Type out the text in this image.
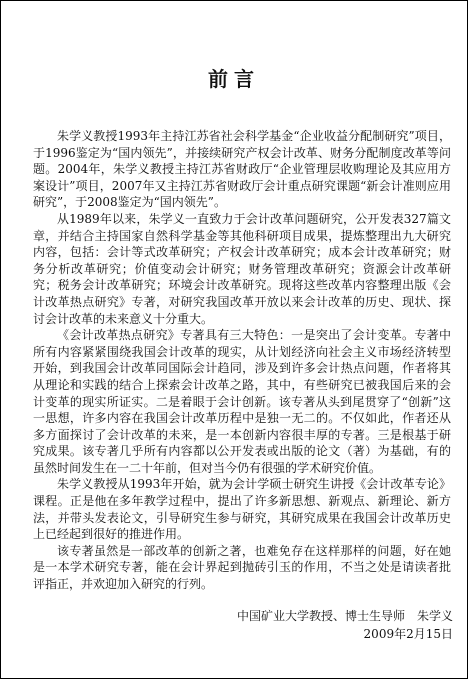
前言

朱学义教授1993年主持江苏省社会科学基金“企业收益分配制研究”项目，于1996鉴定为“国内领先”，并接续研究产权会计改革、财务分配制度改革等问题。2004年，朱学义教授主持江苏省财政厅“企业管理层收购理论及其应用方案设计”项目，2007年又主持江苏省财政厅会计重点研究课题“新会计准则应用研究”，于2008鉴定为“国内领先”。

从1989年以来，朱学义一直致力于会计改革问题研究，公开发表327篇文章，并结合主持国家自然科学基金等其他科研项目成果，提炼整理出九大研究内容，包括：会计等式改革研究；产权会计改革研究；成本会计改革研究；财务分析改革研究；价值变动会计研究；财务管理改革研究；资源会计改革研究；税务会计改革研究；环境会计改革研究。现将这些改革内容整理出版《会计改革热点研究》专著，对研究我国改革开放以来会计改革的历史、现状、探讨会计改革的未来意义十分重大。

《会计改革热点研究》专著具有三大特色：一是突出了会计变革。专著中所有内容紧紧围绕我国会计改革的现实，从计划经济向社会主义市场经济转型开始，到我国会计改革同国际会计趋同，涉及到许多会计热点问题，作者将其从理论和实践的结合上探索会计改革之路，其中，有些研究已被我国后来的会计变革的现实所证实。二是着眼于会计创新。该专著从头到尾贯穿了“创新”这一思想，许多内容在我国会计改革历程中是独一无二的。不仅如此，作者还从多方面探讨了会计改革的未来，是一本创新内容很丰厚的专著。三是根基于研究成果。该专著几乎所有内容都以公开发表或出版的论文（著）为基础，有的虽然时间发生在一二十年前，但对当今仍有很强的学术研究价值。

朱学义教授从1993年开始，就为会计学硕士研究生讲授《会计改革专论》课程。正是他在多年教学过程中，提出了许多新思想、新观点、新理论、新方法，并带头发表论文，引导研究生参与研究，其研究成果在我国会计改革历史上已经起到很好的推进作用。

该专著虽然是一部改革的创新之著，也难免存在这样那样的问题，好在她是一本学术研究专著，能在会计界起到抛砖引玉的作用，不当之处是请读者批评指正，并欢迎加入研究的行列。

中国矿业大学教授、博士生导师　朱学义
2009年2月15日
